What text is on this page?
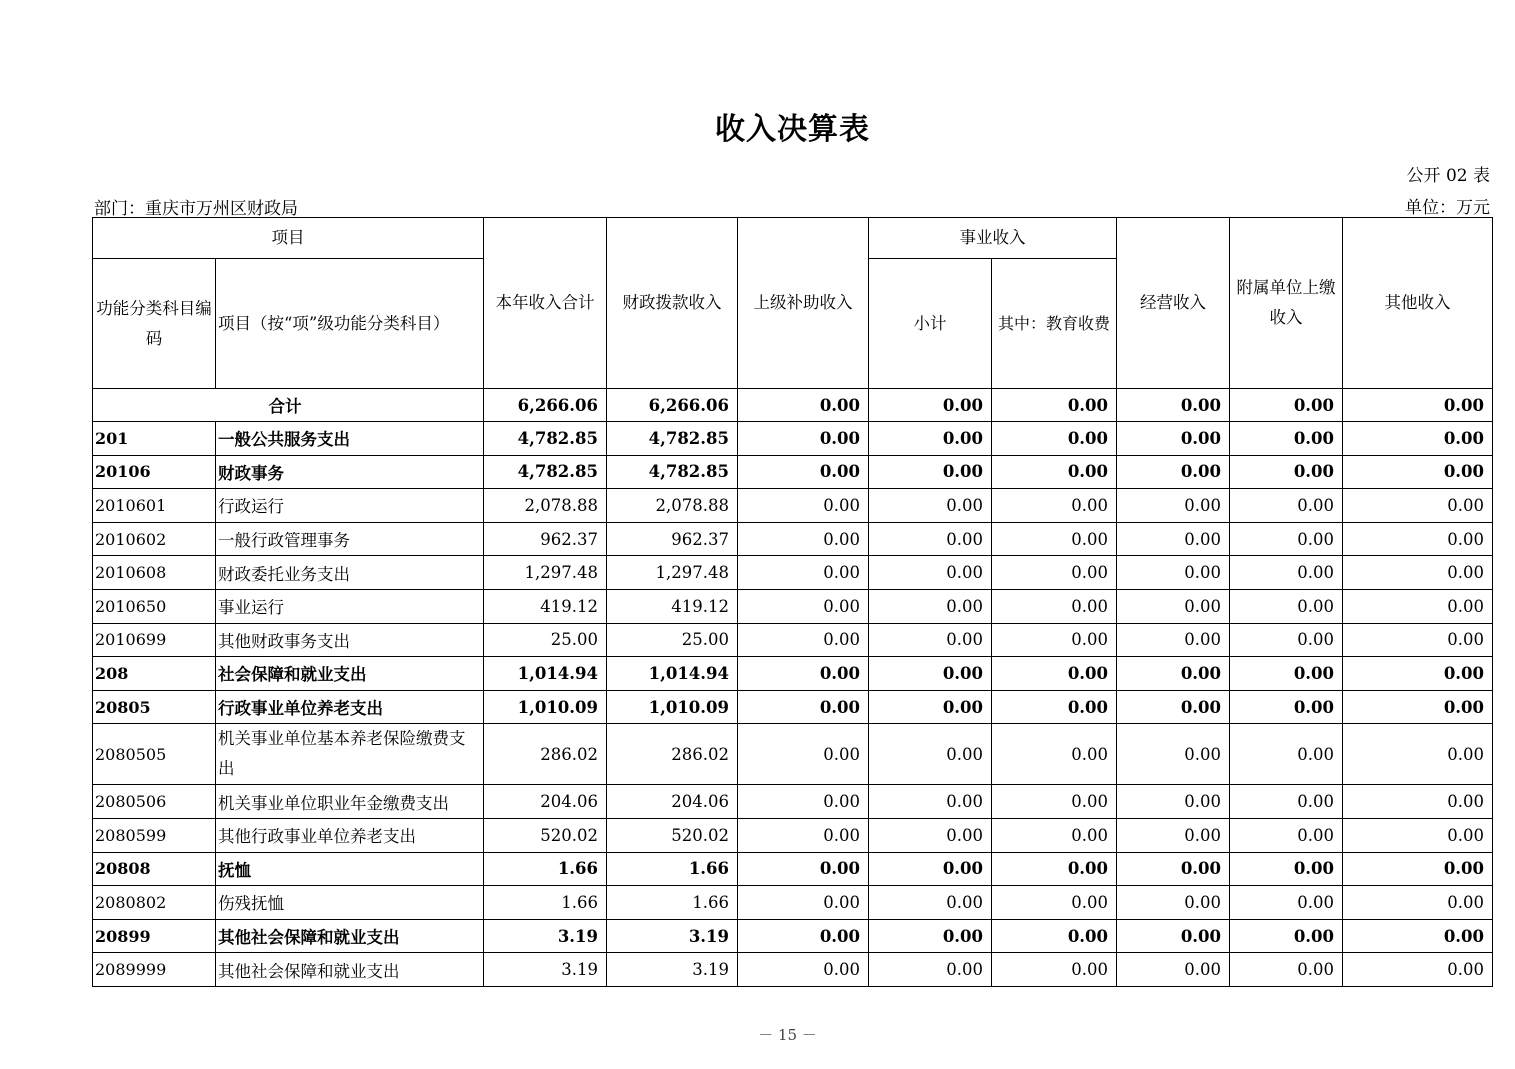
收入决算表
公开 02 表
部门：重庆市万州区财政局	单位：万元
项目		本年收入合计	财政拨款收入	上级补助收入	事业收入		经营收入	附属单位上缴收入	其他收入
功能分类科目编码	项目（按“项”级功能分类科目）				小计	其中：教育收费			
合计		6,266.06	6,266.06	0.00	0.00	0.00	0.00	0.00	0.00
201	一般公共服务支出	4,782.85	4,782.85	0.00	0.00	0.00	0.00	0.00	0.00
20106	财政事务	4,782.85	4,782.85	0.00	0.00	0.00	0.00	0.00	0.00
2010601	行政运行	2,078.88	2,078.88	0.00	0.00	0.00	0.00	0.00	0.00
2010602	一般行政管理事务	962.37	962.37	0.00	0.00	0.00	0.00	0.00	0.00
2010608	财政委托业务支出	1,297.48	1,297.48	0.00	0.00	0.00	0.00	0.00	0.00
2010650	事业运行	419.12	419.12	0.00	0.00	0.00	0.00	0.00	0.00
2010699	其他财政事务支出	25.00	25.00	0.00	0.00	0.00	0.00	0.00	0.00
208	社会保障和就业支出	1,014.94	1,014.94	0.00	0.00	0.00	0.00	0.00	0.00
20805	行政事业单位养老支出	1,010.09	1,010.09	0.00	0.00	0.00	0.00	0.00	0.00
2080505	机关事业单位基本养老保险缴费支出	286.02	286.02	0.00	0.00	0.00	0.00	0.00	0.00
2080506	机关事业单位职业年金缴费支出	204.06	204.06	0.00	0.00	0.00	0.00	0.00	0.00
2080599	其他行政事业单位养老支出	520.02	520.02	0.00	0.00	0.00	0.00	0.00	0.00
20808	抚恤	1.66	1.66	0.00	0.00	0.00	0.00	0.00	0.00
2080802	伤残抚恤	1.66	1.66	0.00	0.00	0.00	0.00	0.00	0.00
20899	其他社会保障和就业支出	3.19	3.19	0.00	0.00	0.00	0.00	0.00	0.00
2089999	其他社会保障和就业支出	3.19	3.19	0.00	0.00	0.00	0.00	0.00	0.00
－ 15 －
